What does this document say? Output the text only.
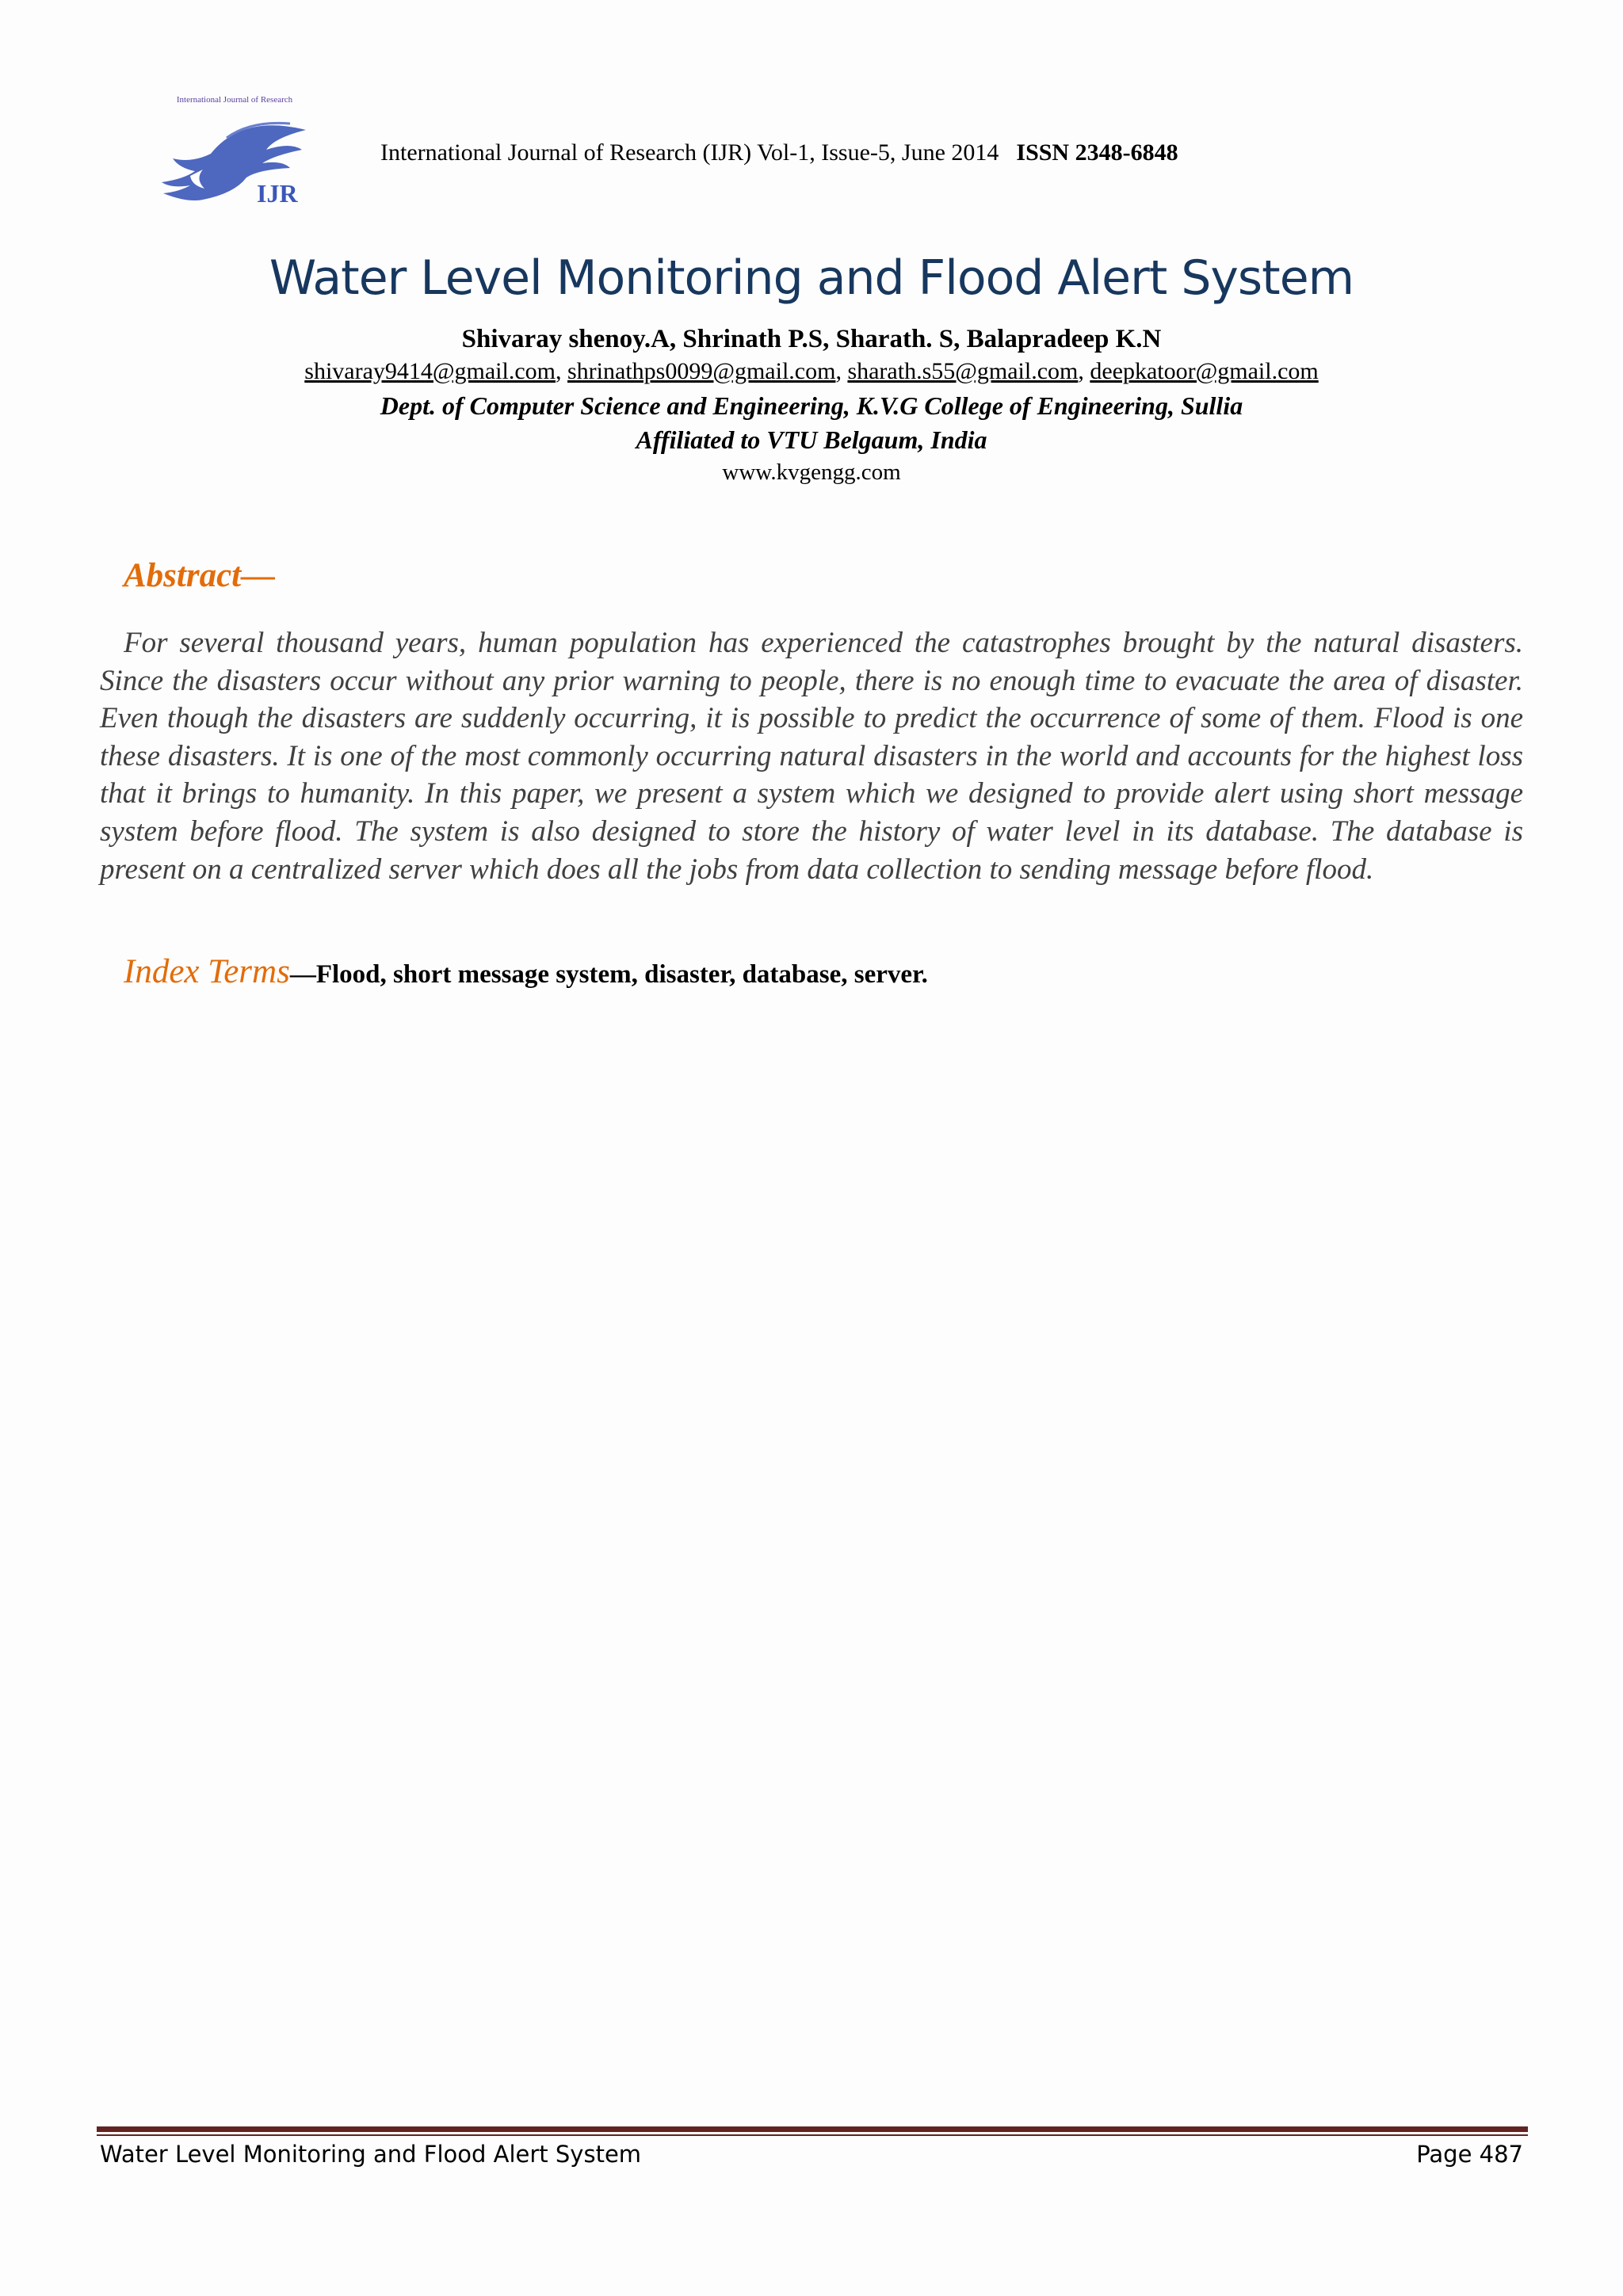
International Journal of Research
IJR
International Journal of Research (IJR) Vol-1, Issue-5, June 2014 ISSN 2348-6848
Water Level Monitoring and Flood Alert System
Shivaray shenoy.A, Shrinath P.S, Sharath. S, Balapradeep K.N
shivaray9414@gmail.com, shrinathps0099@gmail.com, sharath.s55@gmail.com, deepkatoor@gmail.com
Dept. of Computer Science and Engineering, K.V.G College of Engineering, Sullia
Affiliated to VTU Belgaum, India
www.kvgengg.com
Abstract—
For several thousand years, human population has experienced the catastrophes brought by the natural disasters. Since the disasters occur without any prior warning to people, there is no enough time to evacuate the area of disaster. Even though the disasters are suddenly occurring, it is possible to predict the occurrence of some of them. Flood is one these disasters. It is one of the most commonly occurring natural disasters in the world and accounts for the highest loss that it brings to humanity. In this paper, we present a system which we designed to provide alert using short message system before flood. The system is also designed to store the history of water level in its database. The database is present on a centralized server which does all the jobs from data collection to sending message before flood.
Index Terms—Flood, short message system, disaster, database, server.
Water Level Monitoring and Flood Alert System	Page 487
